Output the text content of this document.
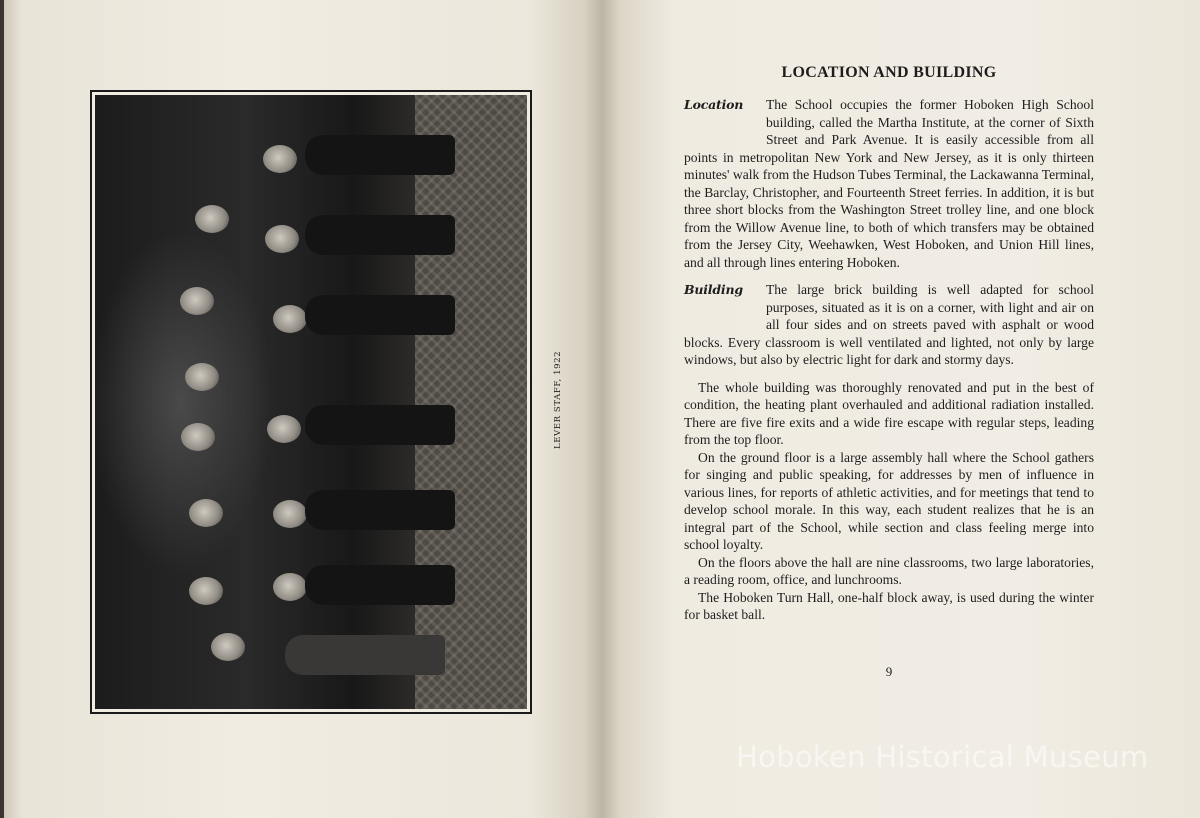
LEVER STAFF, 1922
LOCATION AND BUILDING
Location	The School occupies the former Hoboken High School building, called the Martha Institute, at the corner of Sixth Street and Park Avenue. It is easily accessible from all points in metropolitan New York and New Jersey, as it is only thirteen minutes' walk from the Hudson Tubes Terminal, the Lackawanna Terminal, the Barclay, Christopher, and Fourteenth Street ferries. In addition, it is but three short blocks from the Washington Street trolley line, and one block from the Willow Avenue line, to both of which transfers may be obtained from the Jersey City, Weehawken, West Hoboken, and Union Hill lines, and all through lines entering Hoboken.
Building	The large brick building is well adapted for school purposes, situated as it is on a corner, with light and air on all four sides and on streets paved with asphalt or wood blocks. Every classroom is well ventilated and lighted, not only by large windows, but also by electric light for dark and stormy days.

The whole building was thoroughly renovated and put in the best of condition, the heating plant overhauled and additional radiation installed. There are five fire exits and a wide fire escape with regular steps, leading from the top floor.

On the ground floor is a large assembly hall where the School gathers for singing and public speaking, for addresses by men of influence in various lines, for reports of athletic activities, and for meetings that tend to develop school morale. In this way, each student realizes that he is an integral part of the School, while section and class feeling merge into school loyalty.

On the floors above the hall are nine classrooms, two large laboratories, a reading room, office, and lunchrooms.

The Hoboken Turn Hall, one-half block away, is used during the winter for basket ball.

9
Hoboken Historical Museum
